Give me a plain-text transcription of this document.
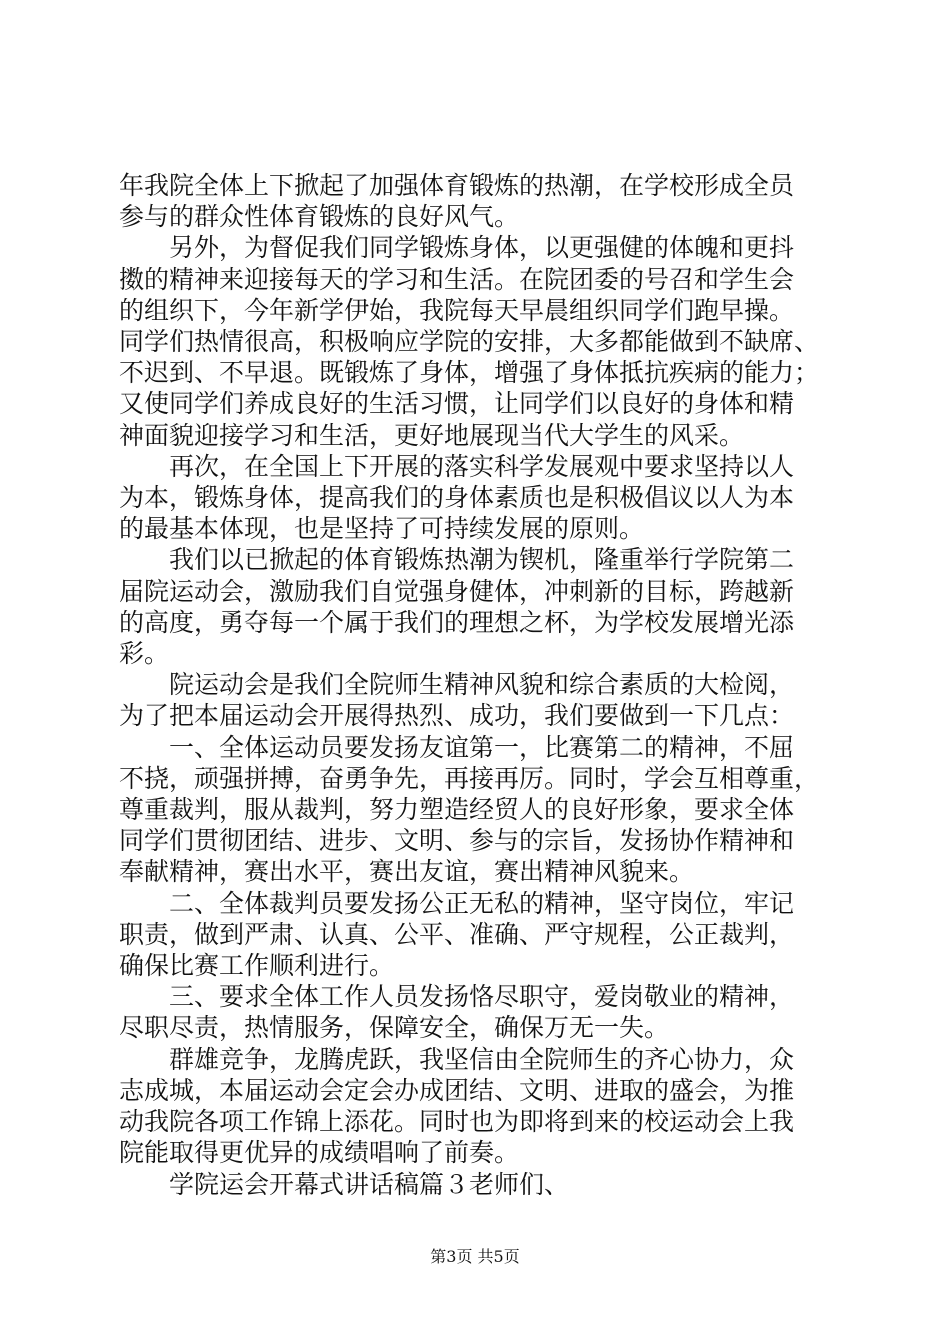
年我院全体上下掀起了加强体育锻炼的热潮，在学校形成全员

参与的群众性体育锻炼的良好风气。

　　另外，为督促我们同学锻炼身体，以更强健的体魄和更抖

擞的精神来迎接每天的学习和生活。在院团委的号召和学生会

的组织下，今年新学伊始，我院每天早晨组织同学们跑早操。

同学们热情很高，积极响应学院的安排，大多都能做到不缺席、

不迟到、不早退。既锻炼了身体，增强了身体抵抗疾病的能力；

又使同学们养成良好的生活习惯，让同学们以良好的身体和精

神面貌迎接学习和生活，更好地展现当代大学生的风采。

　　再次，在全国上下开展的落实科学发展观中要求坚持以人

为本，锻炼身体，提高我们的身体素质也是积极倡议以人为本

的最基本体现，也是坚持了可持续发展的原则。

　　我们以已掀起的体育锻炼热潮为锲机，隆重举行学院第二

届院运动会，激励我们自觉强身健体，冲刺新的目标，跨越新

的高度，勇夺每一个属于我们的理想之杯，为学校发展增光添

彩。

　　院运动会是我们全院师生精神风貌和综合素质的大检阅，

为了把本届运动会开展得热烈、成功，我们要做到一下几点：

　　一、全体运动员要发扬友谊第一，比赛第二的精神，不屈

不挠，顽强拼搏，奋勇争先，再接再厉。同时，学会互相尊重，

尊重裁判，服从裁判，努力塑造经贸人的良好形象，要求全体

同学们贯彻团结、进步、文明、参与的宗旨，发扬协作精神和

奉献精神，赛出水平，赛出友谊，赛出精神风貌来。

　　二、全体裁判员要发扬公正无私的精神，坚守岗位，牢记

职责，做到严肃、认真、公平、准确、严守规程，公正裁判，

确保比赛工作顺利进行。

　　三、要求全体工作人员发扬恪尽职守，爱岗敬业的精神，

尽职尽责，热情服务，保障安全，确保万无一失。

　　群雄竞争，龙腾虎跃，我坚信由全院师生的齐心协力，众

志成城，本届运动会定会办成团结、文明、进取的盛会，为推

动我院各项工作锦上添花。同时也为即将到来的校运动会上我

院能取得更优异的成绩唱响了前奏。

　　学院运会开幕式讲话稿篇３老师们、

第3页 共5页
